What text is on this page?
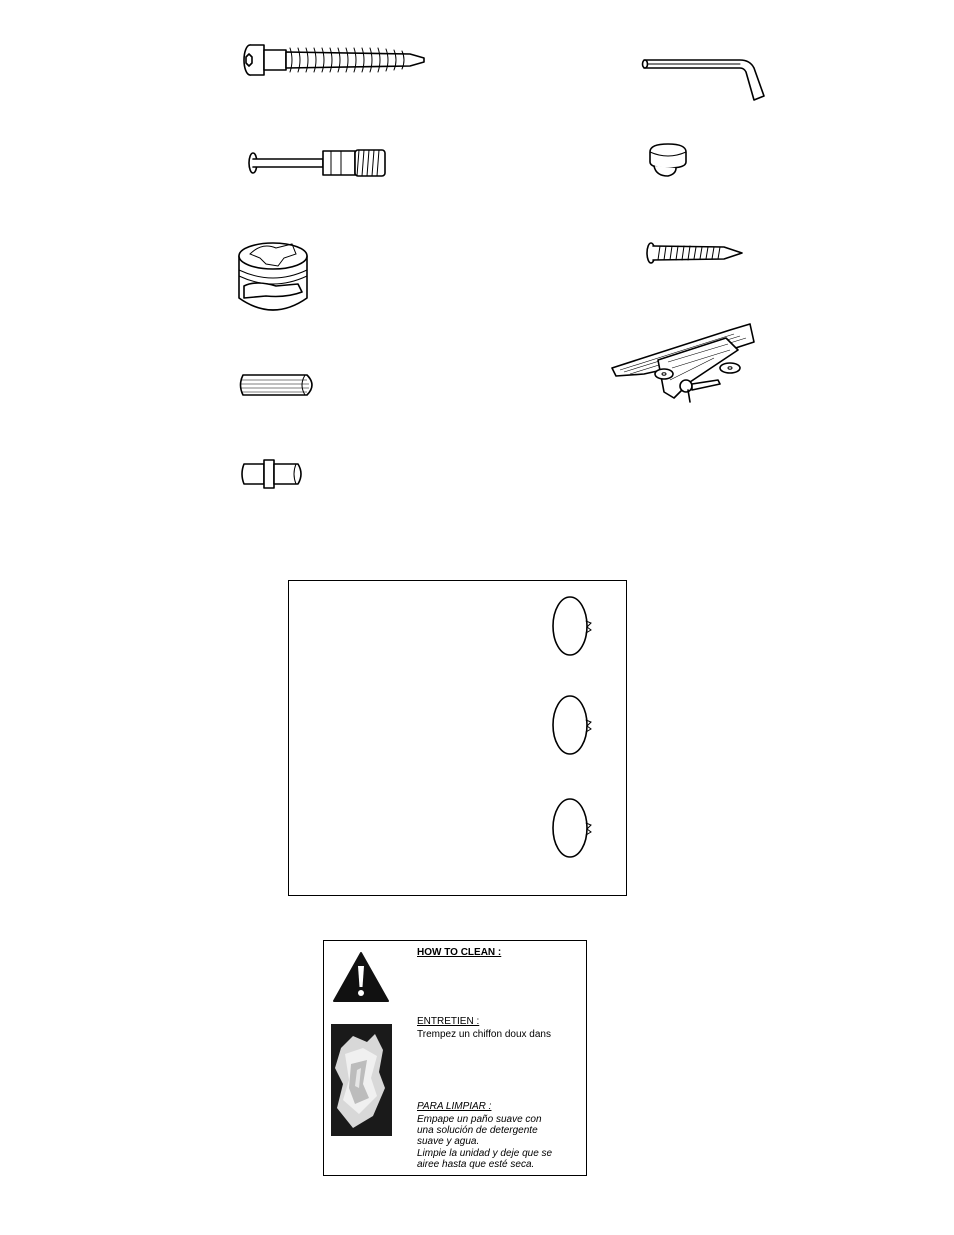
HOW TO CLEAN :

ENTRETIEN :

Trempez un chiffon doux dans

PARA LIMPIAR :

Empape un paño suave con una solución de detergente suave y agua.

Limpie la unidad y deje que se airee hasta que esté seca.
